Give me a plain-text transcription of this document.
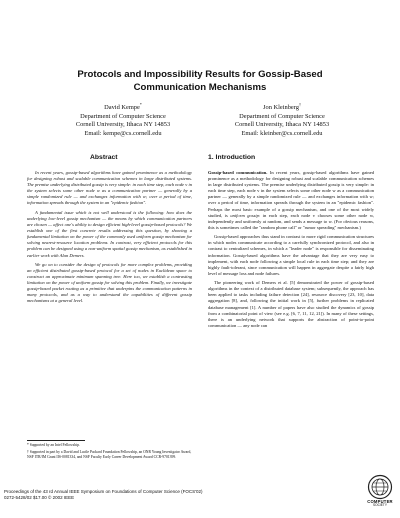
Protocols and Impossibility Results for Gossip-Based Communication Mechanisms
David Kempe*
Department of Computer Science
Cornell University, Ithaca NY 14853
Email: kempe@cs.cornell.edu
Jon Kleinberg†
Department of Computer Science
Cornell University, Ithaca NY 14853
Email: kleinber@cs.cornell.edu
Abstract	1. Introduction

In recent years, gossip-based algorithms have gained prominence as a methodology for designing robust and scalable communication schemes in large distributed systems. The premise underlying distributed gossip is very simple: in each time step, each node v in the system selects some other node w as a communication partner — generally by a simple randomized rule — and exchanges information with w; over a period of time, information spreads through the system in an "epidemic fashion".

A fundamental issue which is not well understood is the following: how does the underlying low-level gossip mechanism — the means by which communication partners are chosen — affect one's ability to design efficient high-level gossip-based protocols? We establish one of the first concrete results addressing this question, by showing a fundamental limitation on the power of the commonly used uniform gossip mechanism for solving nearest-resource location problems. In contrast, very efficient protocols for this problem can be designed using a non-uniform spatial gossip mechanism, as established in earlier work with Alan Demers.

We go on to consider the design of protocols for more complex problems, providing an efficient distributed gossip-based protocol for a set of nodes in Euclidean space to construct an approximate minimum spanning tree. Here too, we establish a contrasting limitation on the power of uniform gossip for solving this problem. Finally, we investigate gossip-based packet routing as a primitive that underpins the communication patterns in many protocols, and as a way to understand the capabilities of different gossip mechanisms at a general level.

Gossip-based communication. In recent years, gossip-based algorithms have gained prominence as a methodology for designing robust and scalable communication schemes in large distributed systems. The premise underlying distributed gossip is very simple: in each time step, each node v in the system selects some other node w as a communication partner — generally by a simple randomized rule — and exchanges information with w; over a period of time, information spreads through the system in an "epidemic fashion". Perhaps the most basic example of a gossip mechanism, and one of the most widely studied, is uniform gossip: in each step, each node v chooses some other node w, independently and uniformly at random, and sends a message to w. (For obvious reasons, this is sometimes called the "random phone call" or "rumor spreading" mechanism.)

Gossip-based approaches thus stand in contrast to more rigid communication structures in which nodes communicate according to a carefully synchronized protocol, and also in contrast to centralized schemes, in which a "leader node" is responsible for disseminating information. Gossip-based algorithms have the advantage that they are very easy to implement, with each node following a simple local rule in each time step; and they are highly fault-tolerant, since communication will happen in aggregate despite a fairly high level of message loss and node failures.

The pioneering work of Demers et al. [5] demonstrated the power of gossip-based algorithms in the context of a distributed database system; subsequently, the approach has been applied to tasks including failure detection [24], resource discovery [23, 10], data aggregation [8], and, following the initial work in [5], further problems in replicated database management [1]. A number of papers have also studied the dynamics of gossip from a combinatorial point of view (see e.g. [6, 7, 11, 12, 21]). In many of these settings, there is an underlying network that supports the abstraction of point-to-point communication — any node can

* Supported by an Intel Fellowship.
† Supported in part by a David and Lucile Packard Foundation Fellowship, an ONR Young Investigator Award, NSF ITR/IM Grant IIS-0081334, and NSF Faculty Early Career Development Award CCR-9701399.
Proceedings of the 43 rd Annual IEEE Symposium on Foundations of Computer Science (FOCS'02)
0272-5428/02 $17.00 © 2002 IEEE
COMPUTER
SOCIETY
